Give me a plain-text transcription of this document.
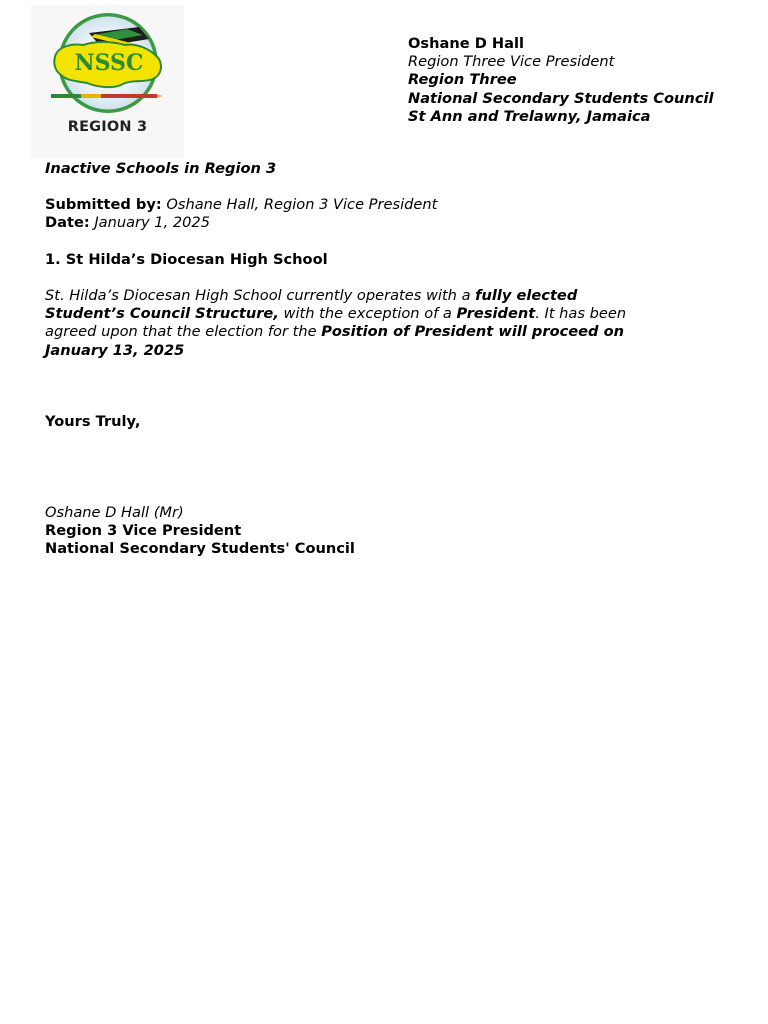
NSSC
REGION 3
Oshane D Hall
Region Three Vice President
Region Three
National Secondary Students Council
St Ann and Trelawny, Jamaica
Inactive Schools in Region 3
Submitted by: Oshane Hall, Region 3 Vice President
Date: January 1, 2025
1. St Hilda’s Diocesan High School
St. Hilda’s Diocesan High School currently operates with a fully elected Student’s Council Structure, with the exception of a President. It has been agreed upon that the election for the Position of President will proceed on January 13, 2025
Yours Truly,
Oshane D Hall (Mr)
Region 3 Vice President
National Secondary Students' Council
